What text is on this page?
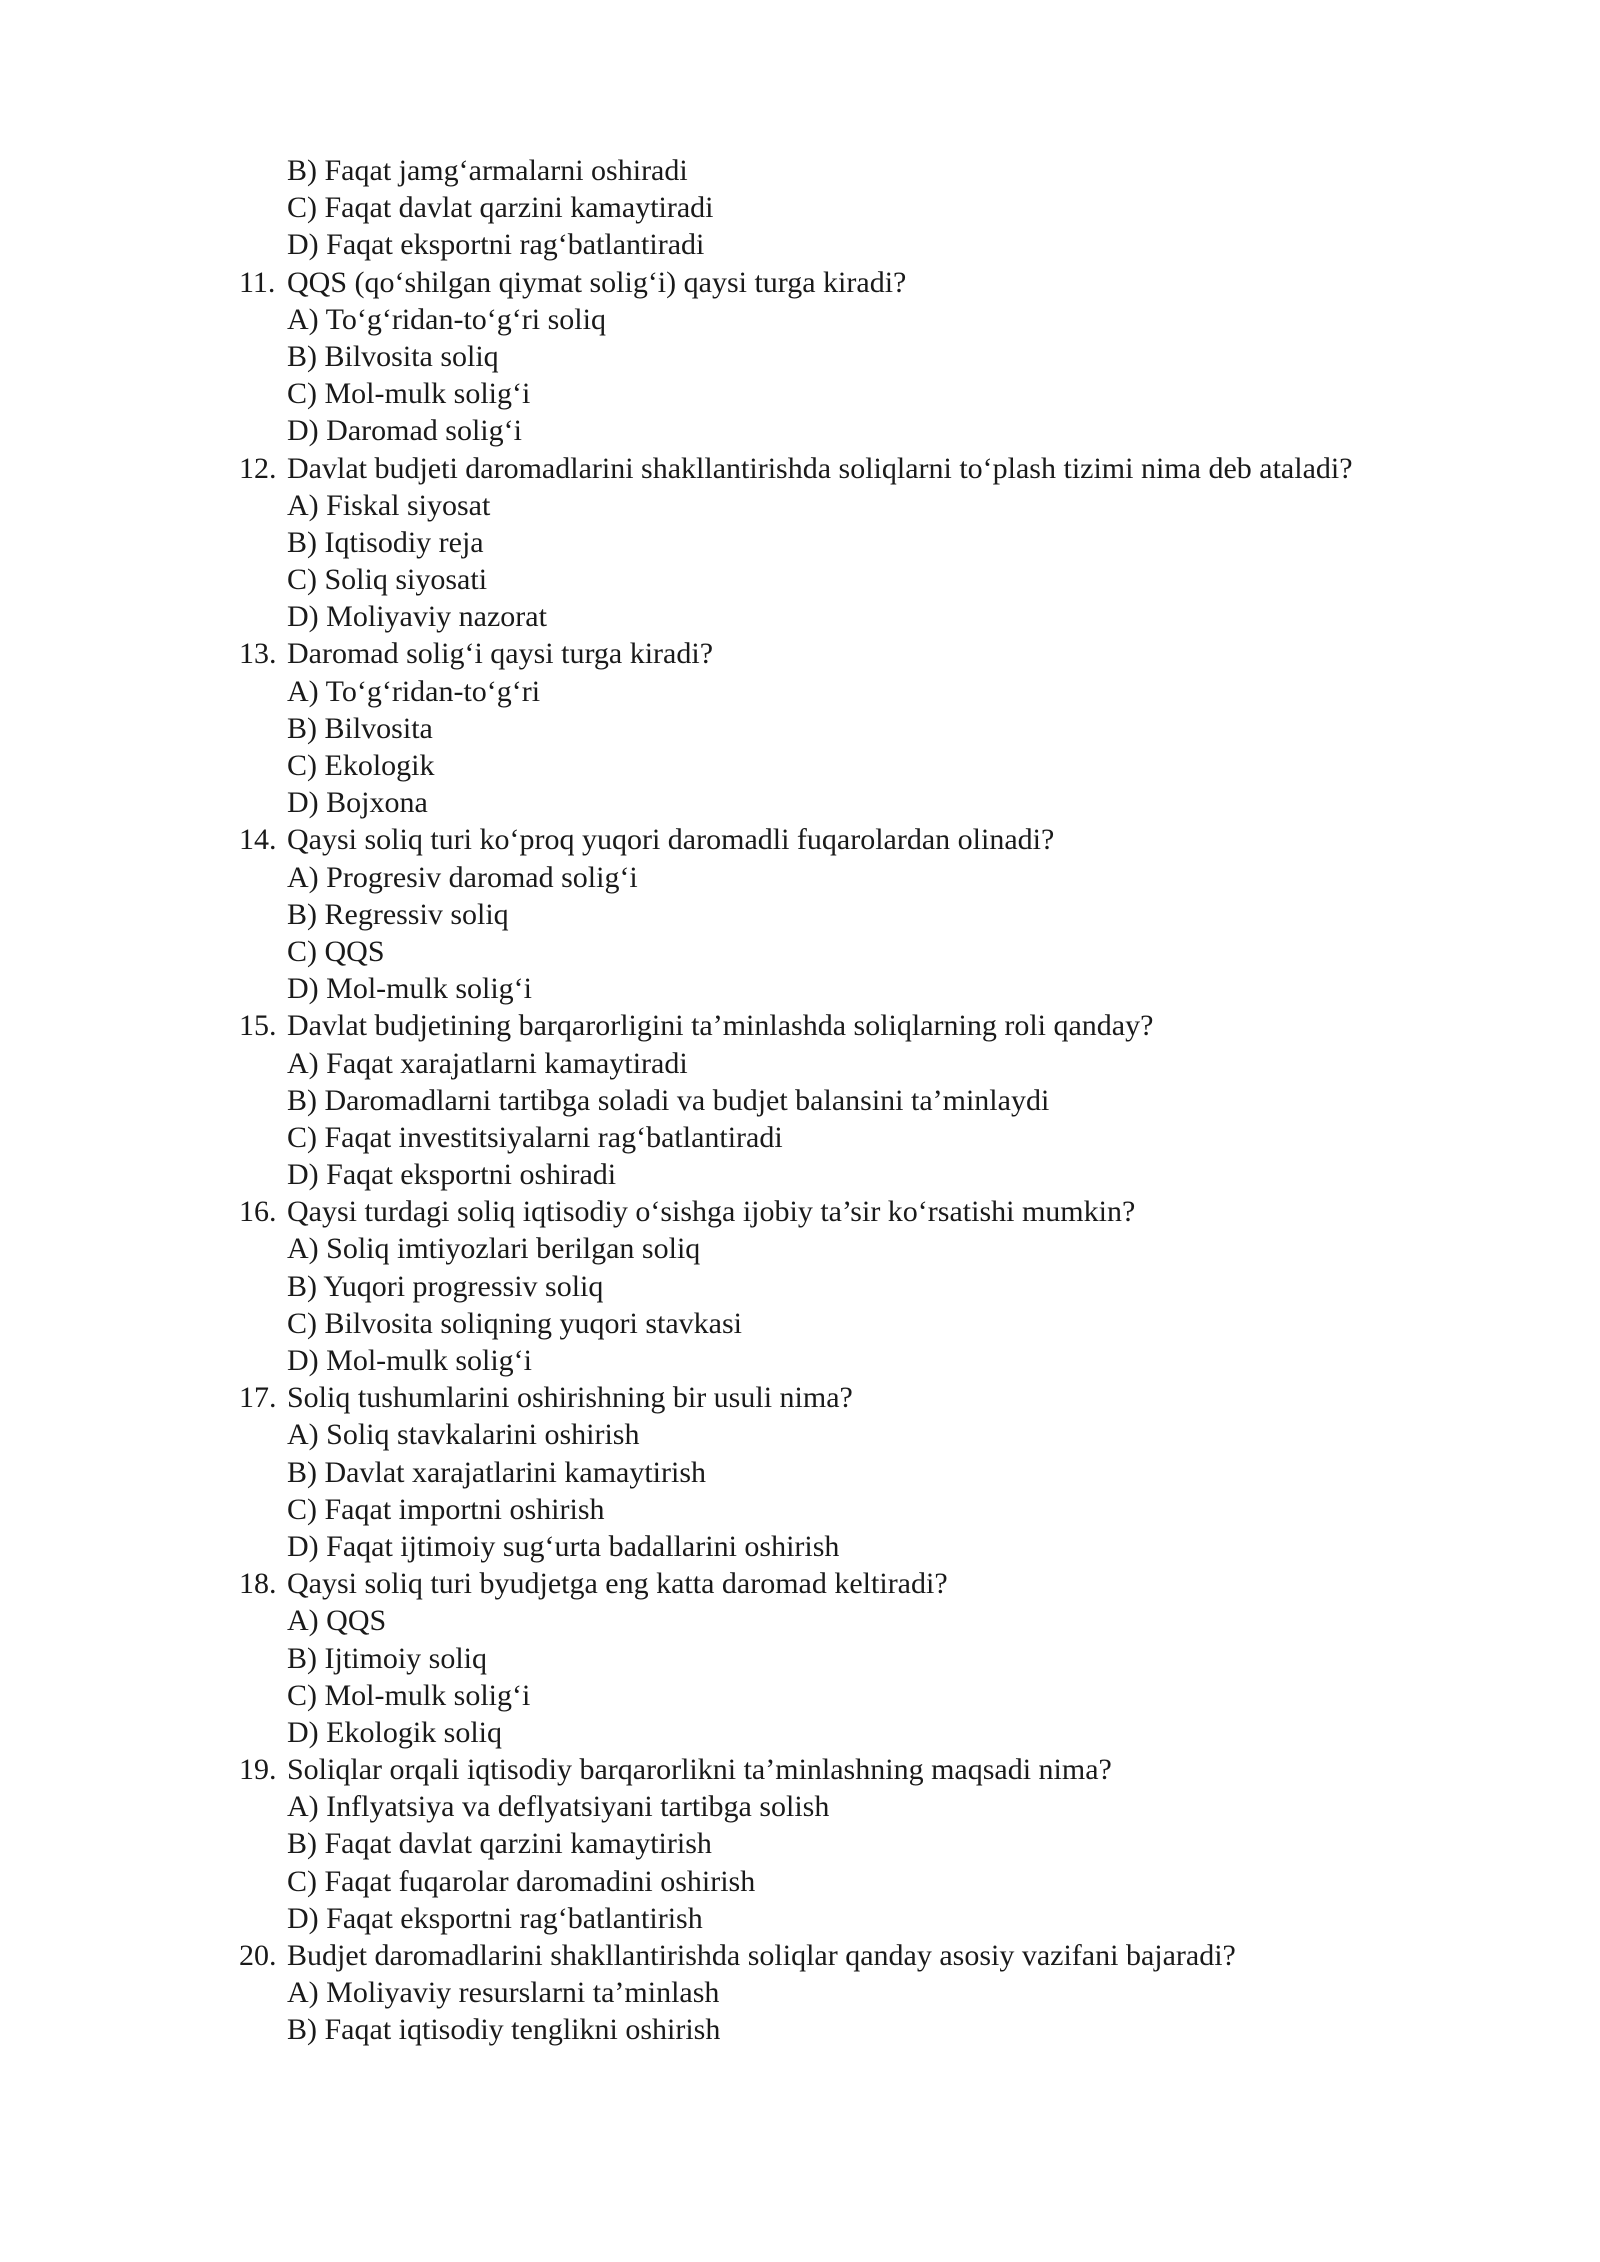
B) Faqat jamg‘armalarni oshiradi
C) Faqat davlat qarzini kamaytiradi
D) Faqat eksportni rag‘batlantiradi
11. QQS (qo‘shilgan qiymat solig‘i) qaysi turga kiradi?
A) To‘g‘ridan-to‘g‘ri soliq
B) Bilvosita soliq
C) Mol-mulk solig‘i
D) Daromad solig‘i
12. Davlat budjeti daromadlarini shakllantirishda soliqlarni to‘plash tizimi nima deb ataladi?
A) Fiskal siyosat
B) Iqtisodiy reja
C) Soliq siyosati
D) Moliyaviy nazorat
13. Daromad solig‘i qaysi turga kiradi?
A) To‘g‘ridan-to‘g‘ri
B) Bilvosita
C) Ekologik
D) Bojxona
14. Qaysi soliq turi ko‘proq yuqori daromadli fuqarolardan olinadi?
A) Progresiv daromad solig‘i
B) Regressiv soliq
C) QQS
D) Mol-mulk solig‘i
15. Davlat budjetining barqarorligini ta’minlashda soliqlarning roli qanday?
A) Faqat xarajatlarni kamaytiradi
B) Daromadlarni tartibga soladi va budjet balansini ta’minlaydi
C) Faqat investitsiyalarni rag‘batlantiradi
D) Faqat eksportni oshiradi
16. Qaysi turdagi soliq iqtisodiy o‘sishga ijobiy ta’sir ko‘rsatishi mumkin?
A) Soliq imtiyozlari berilgan soliq
B) Yuqori progressiv soliq
C) Bilvosita soliqning yuqori stavkasi
D) Mol-mulk solig‘i
17. Soliq tushumlarini oshirishning bir usuli nima?
A) Soliq stavkalarini oshirish
B) Davlat xarajatlarini kamaytirish
C) Faqat importni oshirish
D) Faqat ijtimoiy sug‘urta badallarini oshirish
18. Qaysi soliq turi byudjetga eng katta daromad keltiradi?
A) QQS
B) Ijtimoiy soliq
C) Mol-mulk solig‘i
D) Ekologik soliq
19. Soliqlar orqali iqtisodiy barqarorlikni ta’minlashning maqsadi nima?
A) Inflyatsiya va deflyatsiyani tartibga solish
B) Faqat davlat qarzini kamaytirish
C) Faqat fuqarolar daromadini oshirish
D) Faqat eksportni rag‘batlantirish
20. Budjet daromadlarini shakllantirishda soliqlar qanday asosiy vazifani bajaradi?
A) Moliyaviy resurslarni ta’minlash
B) Faqat iqtisodiy tenglikni oshirish
